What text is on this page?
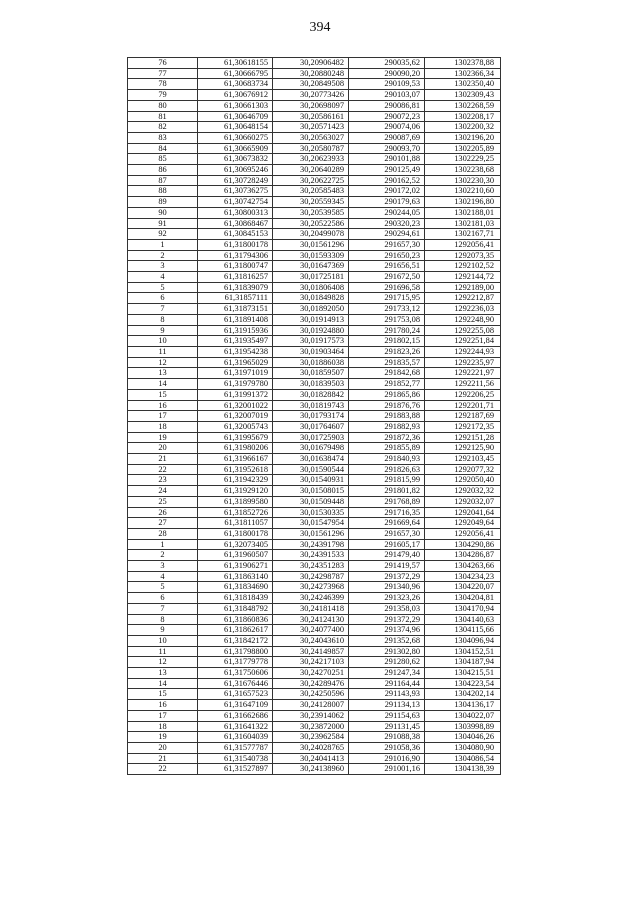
394
76	61,30618155	30,20906482	290035,62	1302378,88
77	61,30666795	30,20880248	290090,20	1302366,34
78	61,30683734	30,20849508	290109,53	1302350,40
79	61,30676912	30,20773426	290103,07	1302309,43
80	61,30661303	30,20698097	290086,81	1302268,59
81	61,30646709	30,20586161	290072,23	1302208,17
82	61,30648154	30,20571423	290074,06	1302200,32
83	61,30660275	30,20563027	290087,69	1302196,20
84	61,30665909	30,20580787	290093,70	1302205,89
85	61,30673832	30,20623933	290101,88	1302229,25
86	61,30695246	30,20640289	290125,49	1302238,68
87	61,30728249	30,20622725	290162,52	1302230,30
88	61,30736275	30,20585483	290172,02	1302210,60
89	61,30742754	30,20559345	290179,63	1302196,80
90	61,30800313	30,20539585	290244,05	1302188,01
91	61,30868467	30,20522586	290320,23	1302181,03
92	61,30845153	30,20499078	290294,61	1302167,71
1	61,31800178	30,01561296	291657,30	1292056,41
2	61,31794306	30,01593309	291650,23	1292073,35
3	61,31800747	30,01647369	291656,51	1292102,52
4	61,31816257	30,01725181	291672,50	1292144,72
5	61,31839079	30,01806408	291696,58	1292189,00
6	61,31857111	30,01849828	291715,95	1292212,87
7	61,31873151	30,01892050	291733,12	1292236,03
8	61,31891408	30,01914913	291753,08	1292248,90
9	61,31915936	30,01924880	291780,24	1292255,08
10	61,31935497	30,01917573	291802,15	1292251,84
11	61,31954238	30,01903464	291823,26	1292244,93
12	61,31965029	30,01886038	291835,57	1292235,97
13	61,31971019	30,01859507	291842,68	1292221,97
14	61,31979780	30,01839503	291852,77	1292211,56
15	61,31991372	30,01828842	291865,86	1292206,25
16	61,32001022	30,01819743	291876,76	1292201,71
17	61,32007019	30,01793174	291883,88	1292187,69
18	61,32005743	30,01764607	291882,93	1292172,35
19	61,31995679	30,01725903	291872,36	1292151,28
20	61,31980206	30,01679498	291855,89	1292125,90
21	61,31966167	30,01638474	291840,93	1292103,45
22	61,31952618	30,01590544	291826,63	1292077,32
23	61,31942329	30,01540931	291815,99	1292050,40
24	61,31929120	30,01508015	291801,82	1292032,32
25	61,31899580	30,01509448	291768,89	1292032,07
26	61,31852726	30,01530335	291716,35	1292041,64
27	61,31811057	30,01547954	291669,64	1292049,64
28	61,31800178	30,01561296	291657,30	1292056,41
1	61,32073405	30,24391798	291605,17	1304290,86
2	61,31960507	30,24391533	291479,40	1304286,87
3	61,31906271	30,24351283	291419,57	1304263,66
4	61,31863140	30,24298787	291372,29	1304234,23
5	61,31834690	30,24273968	291340,96	1304220,07
6	61,31818439	30,24246399	291323,26	1304204,81
7	61,31848792	30,24181418	291358,03	1304170,94
8	61,31860836	30,24124130	291372,29	1304140,63
9	61,31862617	30,24077400	291374,96	1304115,66
10	61,31842172	30,24043610	291352,68	1304096,94
11	61,31798800	30,24149857	291302,80	1304152,51
12	61,31779778	30,24217103	291280,62	1304187,94
13	61,31750606	30,24270251	291247,34	1304215,51
14	61,31676446	30,24289476	291164,44	1304223,54
15	61,31657523	30,24250596	291143,93	1304202,14
16	61,31647109	30,24128007	291134,13	1304136,17
17	61,31662686	30,23914062	291154,63	1304022,07
18	61,31641322	30,23872000	291131,45	1303998,89
19	61,31604039	30,23962584	291088,38	1304046,26
20	61,31577787	30,24028765	291058,36	1304080,90
21	61,31540738	30,24041413	291016,90	1304086,54
22	61,31527897	30,24138960	291001,16	1304138,39
